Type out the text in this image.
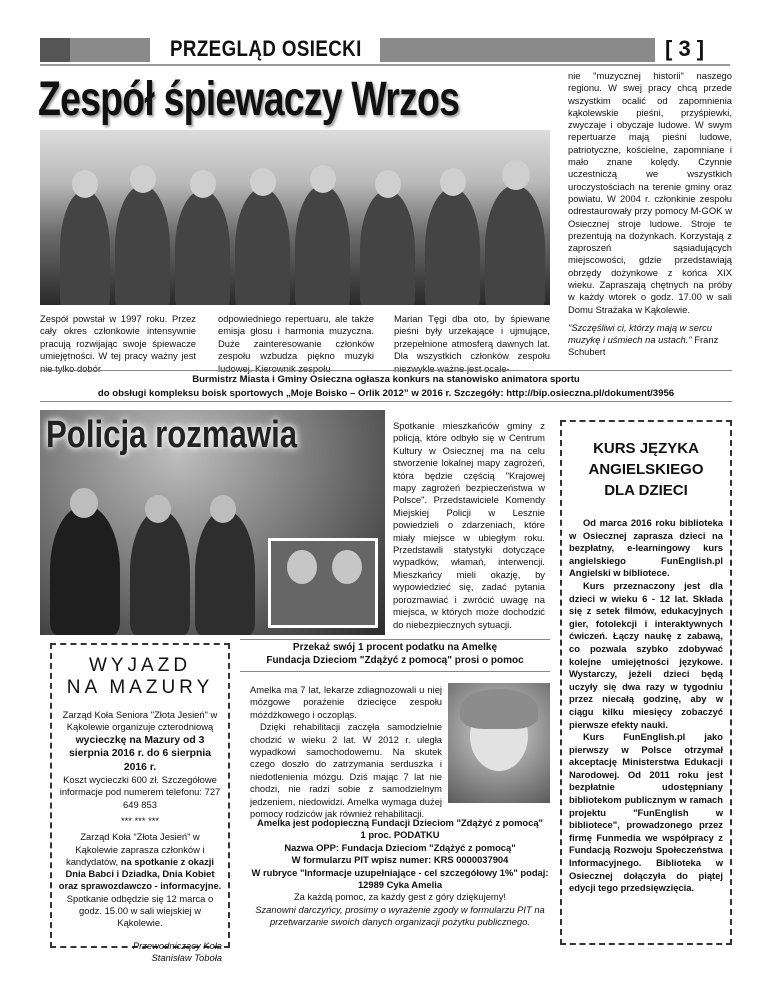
PRZEGLĄD OSIECKI	[ 3 ]
Zespół śpiewaczy Wrzos
Zespół powstał w 1997 roku. Przez cały okres członkowie intensywnie pracują rozwijając swoje śpiewacze umiejętności. W tej pracy ważny jest nie tylko dobór
odpowiedniego repertuaru, ale także emisja głosu i harmonia muzyczna. Duże zainteresowanie członków zespołu wzbudza piękno muzyki ludowej. Kierownik zespołu
Marian Tęgi dba oto, by śpiewane pieśni były urzekające i ujmujące, przepełnione atmosferą dawnych lat. Dla wszystkich członków zespołu niezwykle ważne jest ocale-
nie "muzycznej historii" naszego regionu. W swej pracy chcą przede wszystkim ocalić od zapomnienia kąkolewskie pieśni, przyśpiewki, zwyczaje i obyczaje ludowe. W swym repertuarze mają pieśni ludowe, patriotyczne, kościelne, zapomniane i mało znane kolędy. Czynnie uczestniczą we wszystkich uroczystościach na terenie gminy oraz powiatu. W 2004 r. członkinie zespołu odrestaurowały przy pomocy M-GOK w Osiecznej stroje ludowe. Stroje te prezentują na dożynkach. Korzystają z zaproszeń sąsiadujących miejscowości, gdzie przedstawiają obrzędy dożynkowe z końca XIX wieku. Zapraszają chętnych na próby w każdy wtorek o godz. 17.00 w sali Domu Strażaka w Kąkolewie.
"Szczęśliwi ci, którzy mają w sercu muzykę i uśmiech na ustach." Franz Schubert
Burmistrz Miasta i Gminy Osieczna ogłasza konkurs na stanowisko animatora sportu
do obsługi kompleksu boisk sportowych „Moje Boisko – Orlik 2012” w 2016 r. Szczegóły: http://bip.osieczna.pl/dokument/3956
Policja rozmawia	Spotkanie mieszkańców gminy z policją, które odbyło się w Centrum Kultury w Osiecznej ma na celu stworzenie lokalnej mapy zagrożeń, która będzie częścią "Krajowej mapy zagrożeń bezpieczeństwa w Polsce". Przedstawiciele Komendy Miejskiej Policji w Lesznie powiedzieli o zdarzeniach, które miały miejsce w ubiegłym roku. Przedstawili statystyki dotyczące wypadków, włamań, interwencji. Mieszkańcy mieli okazję, by wypowiedzieć się, zadać pytania porozmawiać i zwrócić uwagę na miejsca, w których może dochodzić do niebezpiecznych sytuacji.
WYJAZD
NA MAZURY
Zarząd Koła Seniora "Złota Jesień" w Kąkolewie organizuje czterodniową
wycieczkę na Mazury od 3 sierpnia 2016 r. do 6 sierpnia 2016 r.
Koszt wycieczki 600 zł. Szczegółowe informacje pod numerem telefonu: 727 649 853
*** *** ***
Zarząd Koła “Złota Jesień” w Kąkolewie zaprasza członków i kandydatów, na spotkanie z okazji Dnia Babci i Dziadka, Dnia Kobiet oraz sprawozdawczo - informacyjne. Spotkanie odbędzie się 12 marca o godz. 15.00 w sali wiejskiej w Kąkolewie.
Przewodniczący Koła
Stanisław Toboła
Przekaż swój 1 procent podatku na Amelkę
Fundacja Dzieciom "Zdążyć z pomocą" prosi o pomoc

Amelka ma 7 lat, lekarze zdiagnozowali u niej mózgowe porażenie dziecięce zespołu móżdżkowego i oczopląs.

Dzięki rehabilitacji zaczęła samodzielnie chodzić w wieku 2 lat. W 2012 r. uległa wypadkowi samochodowemu. Na skutek czego doszło do zatrzymania serduszka i niedotlenienia mózgu. Dziś mając 7 lat nie chodzi, nie radzi sobie z samodzielnym jedzeniem, niedowidzi. Amelka wymaga dużej pomocy rodziców jak również rehabilitacji.

Amelka jest podopieczną Fundacji Dzieciom "Zdążyć z pomocą"
1 proc. PODATKU
Nazwa OPP: Fundacja Dzieciom "Zdążyć z pomocą"
W formularzu PIT wpisz numer: KRS 0000037904
W rubryce "Informacje uzupełniające - cel szczegółowy 1%" podaj: 12989 Cyka Amelia
Za każdą pomoc, za każdy gest z góry dziękujemy!
Szanowni darczyńcy, prosimy o wyrażenie zgody w formularzu PIT na przetwarzanie swoich danych organizacji pożytku publicznego.
KURS JĘZYKA
ANGIELSKIEGO
DLA DZIECI

Od marca 2016 roku biblioteka w Osiecznej zaprasza dzieci na bezpłatny, e-learningowy kurs angielskiego FunEnglish.pl Angielski w bibliotece.

Kurs przeznaczony jest dla dzieci w wieku 6 - 12 lat. Składa się z setek filmów, edukacyjnych gier, fotolekcji i interaktywnych ćwiczeń. Łączy naukę z zabawą, co pozwala szybko zdobywać kolejne umiejętności językowe. Wystarczy, jeżeli dzieci będą uczyły się dwa razy w tygodniu przez niecałą godzinę, aby w ciągu kilku miesięcy zobaczyć pierwsze efekty nauki.

Kurs FunEnglish.pl jako pierwszy w Polsce otrzymał akceptację Ministerstwa Edukacji Narodowej. Od 2011 roku jest bezpłatnie udostępniany bibliotekom publicznym w ramach projektu "FunEnglish w bibliotece", prowadzonego przez firmę Funmedia we współpracy z Fundacją Rozwoju Społeczeństwa Informacyjnego. Biblioteka w Osiecznej dołączyła do piątej edycji tego przedsięwzięcia.
